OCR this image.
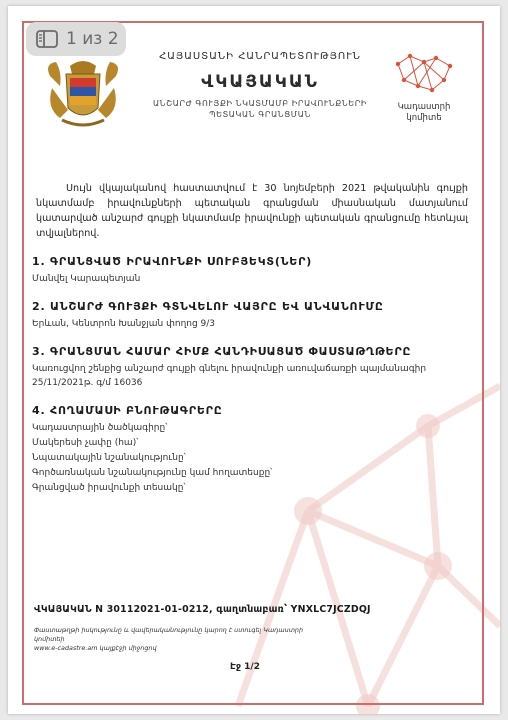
ՀԱՅԱՍՏԱՆԻ ՀԱՆՐԱՊԵՏՈՒԹՅՈՒՆ
ՎԿԱՅԱԿԱՆ
ԱՆՇԱՐԺ ԳՈՒՅՔԻ ՆԿԱՏՄԱՄԲ ԻՐԱՎՈՒՆՔՆԵՐԻ
ՊԵՏԱԿԱՆ ԳՐԱՆՑՄԱՆ
Կադաստրի
կոմիտե

Սույն վկայականով հաստատվում է 30 նոյեմբերի 2021 թվականին գույքի նկատմամբ իրավունքների պետական գրանցման միասնական մատյանում կատարված անշարժ գույքի նկատմամբ իրավունքի պետական գրանցումը հետևյալ տվյալներով.

1. ԳՐԱՆՑՎԱԾ ԻՐԱՎՈՒՆՔԻ ՍՈՒԲՅԵԿՏ(ՆԵՐ)
Մանվել Կարապետյան
2. ԱՆՇԱՐԺ ԳՈՒՅՔԻ ԳՏՆՎԵԼՈՒ ՎԱՅՐԸ ԵՎ ԱՆՎԱՆՈՒՄԸ
Երևան, Կենտրոն Խանջյան փողոց 9/3
3. ԳՐԱՆՑՄԱՆ ՀԱՄԱՐ ՀԻՄՔ ՀԱՆԴԻՍԱՑԱԾ ՓԱՍՏԱԹՂԹԵՐԸ
Կառուցվող շենքից անշարժ գույքի գնելու իրավունքի առուվաճառքի պայմանագիր 25/11/2021թ. գ/մ 16036
4. ՀՈՂԱՄԱՍԻ ԲՆՈՒԹԱԳՐԵՐԸ
Կադաստրային ծածկագիրը՝
Մակերեսի չափը (հա)՝
Նպատակային նշանակությունը՝
Գործառնական նշանակությունը կամ հողատեսքը՝
Գրանցված իրավունքի տեսակը՝
ՎԿԱՅԱԿԱՆ N 30112021-01-0212, գաղտնաբառ՝ YNXLC7JCZDQJ
Փաստաթղթի իսկությունը և վավերականությունը կարող է ստուգել Կադաստրի կոմիտեի
www.e-cadastre.am կայքէջի միջոցով
Էջ 1/2
1 из 2
